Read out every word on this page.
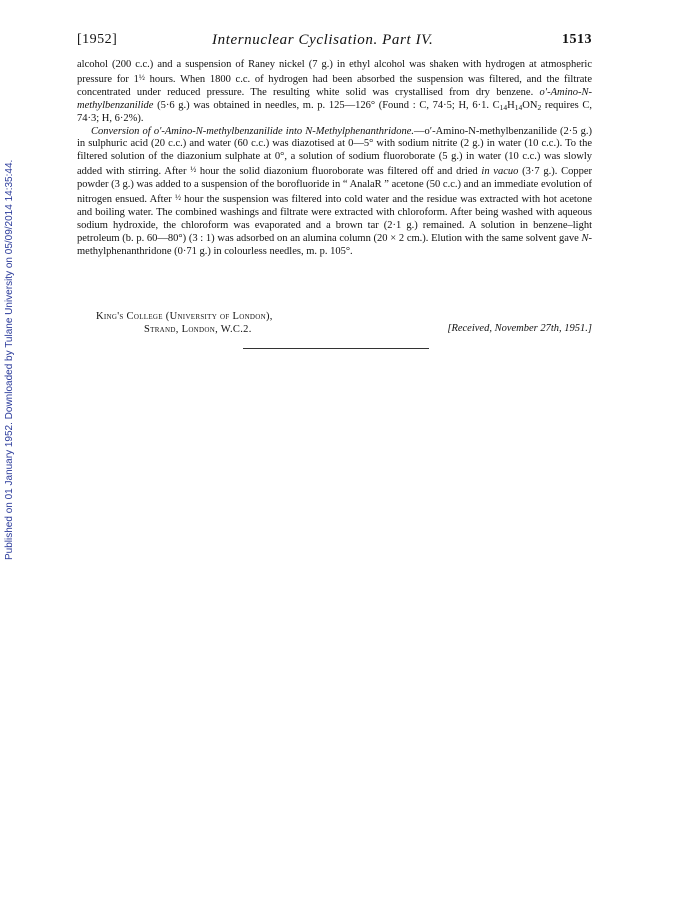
Published on 01 January 1952. Downloaded by Tulane University on 05/09/2014 14:35:44.
[1952]	Internuclear Cyclisation. Part IV.	1513

alcohol (200 c.c.) and a suspension of Raney nickel (7 g.) in ethyl alcohol was shaken with hydrogen at atmospheric pressure for 1½ hours. When 1800 c.c. of hydrogen had been absorbed the suspension was filtered, and the filtrate concentrated under reduced pressure. The resulting white solid was crystallised from dry benzene. o′-Amino-N-methylbenzanilide (5·6 g.) was obtained in needles, m. p. 125—126° (Found : C, 74·5; H, 6·1. $C_{14}H_{14}ON_2$ requires C, 74·3; H, 6·2%).

Conversion of o′-Amino-N-methylbenzanilide into N-Methylphenanthridone.—o′-Amino-N-methylbenzanilide (2·5 g.) in sulphuric acid (20 c.c.) and water (60 c.c.) was diazotised at 0—5° with sodium nitrite (2 g.) in water (10 c.c.). To the filtered solution of the diazonium sulphate at 0°, a solution of sodium fluoroborate (5 g.) in water (10 c.c.) was slowly added with stirring. After ½ hour the solid diazonium fluoroborate was filtered off and dried in vacuo (3·7 g.). Copper powder (3 g.) was added to a suspension of the borofluoride in “ AnalaR ” acetone (50 c.c.) and an immediate evolution of nitrogen ensued. After ½ hour the suspension was filtered into cold water and the residue was extracted with hot acetone and boiling water. The combined washings and filtrate were extracted with chloroform. After being washed with aqueous sodium hydroxide, the chloroform was evaporated and a brown tar (2·1 g.) remained. A solution in benzene–light petroleum (b. p. 60—80°) (3 : 1) was adsorbed on an alumina column (20 × 2 cm.). Elution with the same solvent gave N-methylphenanthridone (0·71 g.) in colourless needles, m. p. 105°.

King's College (University of London),
Strand, London, W.C.2.	[Received, November 27th, 1951.]
